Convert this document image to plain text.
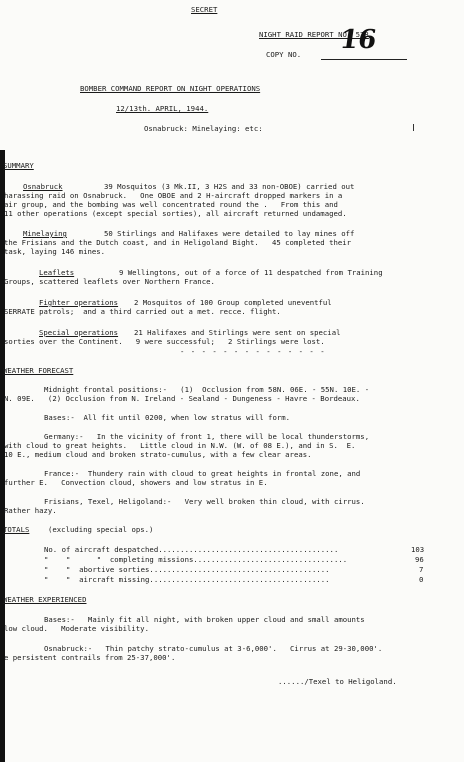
SECRET
NIGHT RAID REPORT NO. 578
COPY NO. 16
BOMBER COMMAND REPORT ON NIGHT OPERATIONS
12/13th. APRIL, 1944.
Osnabruck: Minelaying: etc:
SUMMARY
Osnabruck	39 Mosquitos (3 Mk.II, 3 H2S and 33 non-OBOE) carried out
harassing raid on Osnabruck.   One OBOE and 2 H-aircraft dropped markers in a
air group, and the bombing was well concentrated round the .   From this and
11 other operations (except special sorties), all aircraft returned undamaged.
Minelaying	50 Stirlings and Halifaxes were detailed to lay mines off
the Frisians and the Dutch coast, and in Heligoland Bight.   45 completed their
task, laying 146 mines.
Leaflets	9 Wellingtons, out of a force of 11 despatched from Training
Groups, scattered leaflets over Northern France.
Fighter operations 2 Mosquitos of 100 Group completed uneventful
SERRATE patrols;  and a third carried out a met. recce. flight.
Special operations 21 Halifaxes and Stirlings were sent on special
sorties over the Continent.   9 were successful;   2 Stirlings were lost.
- - - - - - - - - - - - - -
WEATHER FORECAST
Midnight frontal positions:-   (1)  Occlusion from 58N. 06E. - 55N. 10E. -
N. 09E.   (2) Occlusion from N. Ireland - Sealand - Dungeness - Havre - Bordeaux.
Bases:-  All fit until 0200, when low stratus will form.
Germany:-   In the vicinity of front 1, there will be local thunderstorms,
with cloud to great heights.   Little cloud in N.W. (W. of 08 E.), and in S.  E.
10 E., medium cloud and broken strato-cumulus, with a few clear areas.
France:-  Thundery rain with cloud to great heights in frontal zone, and
further E.   Convection cloud, showers and low stratus in E.
Frisians, Texel, Heligoland:-   Very well broken thin cloud, with cirrus.
Rather hazy.
TOTALS	(excluding special ops.)
No. of aircraft despatched.........................................	103
"    "      "  completing missions...................................	96
"    "  abortive sorties.........................................	7
"    "  aircraft missing.........................................	0
WEATHER EXPERIENCED
Bases:-   Mainly fit all night, with broken upper cloud and small amounts
low cloud.   Moderate visibility.
Osnabruck:-   Thin patchy strato-cumulus at 3-6,000'.   Cirrus at 29-30,000'.
e persistent contrails from 25-37,000'.
....../Texel to Heligoland.
